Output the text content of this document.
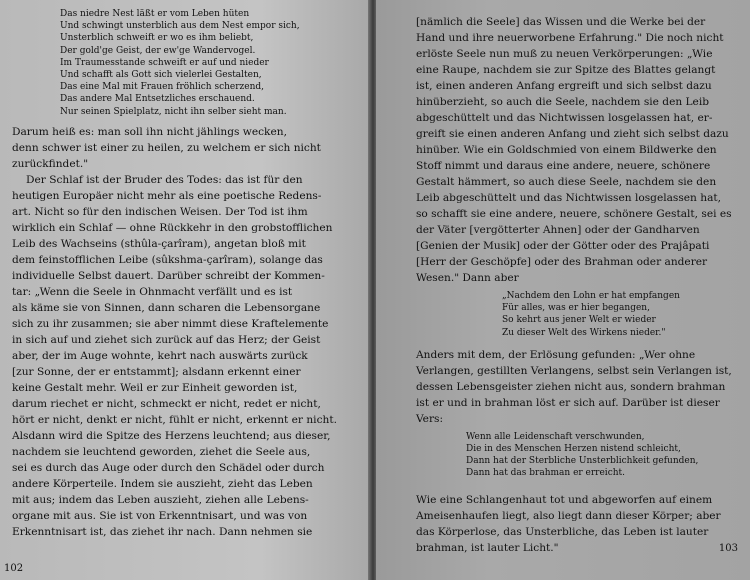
Das niedre Nest läßt er vom Leben hüten
Und schwingt unsterblich aus dem Nest empor sich,
Unsterblich schweift er wo es ihm beliebt,
Der gold'ge Geist, der ew'ge Wandervogel.
Im Traumesstande schweift er auf und nieder
Und schafft als Gott sich vielerlei Gestalten,
Das eine Mal mit Frauen fröhlich scherzend,
Das andere Mal Entsetzliches erschauend.
Nur seinen Spielplatz, nicht ihn selber sieht man.
Darum heiß es: man soll ihn nicht jählings wecken,
denn schwer ist einer zu heilen, zu welchem er sich nicht
zurückfindet."
Der Schlaf ist der Bruder des Todes: das ist für den
heutigen Europäer nicht mehr als eine poetische Redens-
art. Nicht so für den indischen Weisen. Der Tod ist ihm
wirklich ein Schlaf — ohne Rückkehr in den grobstofflichen
Leib des Wachseins (sthûla-çarîram), angetan bloß mit
dem feinstofflichen Leibe (sûkshma-çarîram), solange das
individuelle Selbst dauert. Darüber schreibt der Kommen-
tar: „Wenn die Seele in Ohnmacht verfällt und es ist
als käme sie von Sinnen, dann scharen die Lebensorgane
sich zu ihr zusammen; sie aber nimmt diese Kraftelemente
in sich auf und ziehet sich zurück auf das Herz; der Geist
aber, der im Auge wohnte, kehrt nach auswärts zurück
[zur Sonne, der er entstammt]; alsdann erkennt einer
keine Gestalt mehr. Weil er zur Einheit geworden ist,
darum riechet er nicht, schmeckt er nicht, redet er nicht,
hört er nicht, denkt er nicht, fühlt er nicht, erkennt er nicht.
Alsdann wird die Spitze des Herzens leuchtend; aus dieser,
nachdem sie leuchtend geworden, ziehet die Seele aus,
sei es durch das Auge oder durch den Schädel oder durch
andere Körperteile. Indem sie auszieht, zieht das Leben
mit aus; indem das Leben auszieht, ziehen alle Lebens-
organe mit aus. Sie ist von Erkenntnisart, und was von
Erkenntnisart ist, das ziehet ihr nach. Dann nehmen sie
102
[nämlich die Seele] das Wissen und die Werke bei der
Hand und ihre neuerworbene Erfahrung." Die noch nicht
erlöste Seele nun muß zu neuen Verkörperungen: „Wie
eine Raupe, nachdem sie zur Spitze des Blattes gelangt
ist, einen anderen Anfang ergreift und sich selbst dazu
hinüberzieht, so auch die Seele, nachdem sie den Leib
abgeschüttelt und das Nichtwissen losgelassen hat, er-
greift sie einen anderen Anfang und zieht sich selbst dazu
hinüber. Wie ein Goldschmied von einem Bildwerke den
Stoff nimmt und daraus eine andere, neuere, schönere
Gestalt hämmert, so auch diese Seele, nachdem sie den
Leib abgeschüttelt und das Nichtwissen losgelassen hat,
so schafft sie eine andere, neuere, schönere Gestalt, sei es
der Väter [vergötterter Ahnen] oder der Gandharven
[Genien der Musik] oder der Götter oder des Prajâpati
[Herr der Geschöpfe] oder des Brahman oder anderer
Wesen." Dann aber
„Nachdem den Lohn er hat empfangen
Für alles, was er hier begangen,
So kehrt aus jener Welt er wieder
Zu dieser Welt des Wirkens nieder."
Anders mit dem, der Erlösung gefunden: „Wer ohne
Verlangen, gestillten Verlangens, selbst sein Verlangen ist,
dessen Lebensgeister ziehen nicht aus, sondern brahman
ist er und in brahman löst er sich auf. Darüber ist dieser
Vers:
Wenn alle Leidenschaft verschwunden,
Die in des Menschen Herzen nistend schleicht,
Dann hat der Sterbliche Unsterblichkeit gefunden,
Dann hat das brahman er erreicht.
Wie eine Schlangenhaut tot und abgeworfen auf einem
Ameisenhaufen liegt, also liegt dann dieser Körper; aber
das Körperlose, das Unsterbliche, das Leben ist lauter
brahman, ist lauter Licht."	103
